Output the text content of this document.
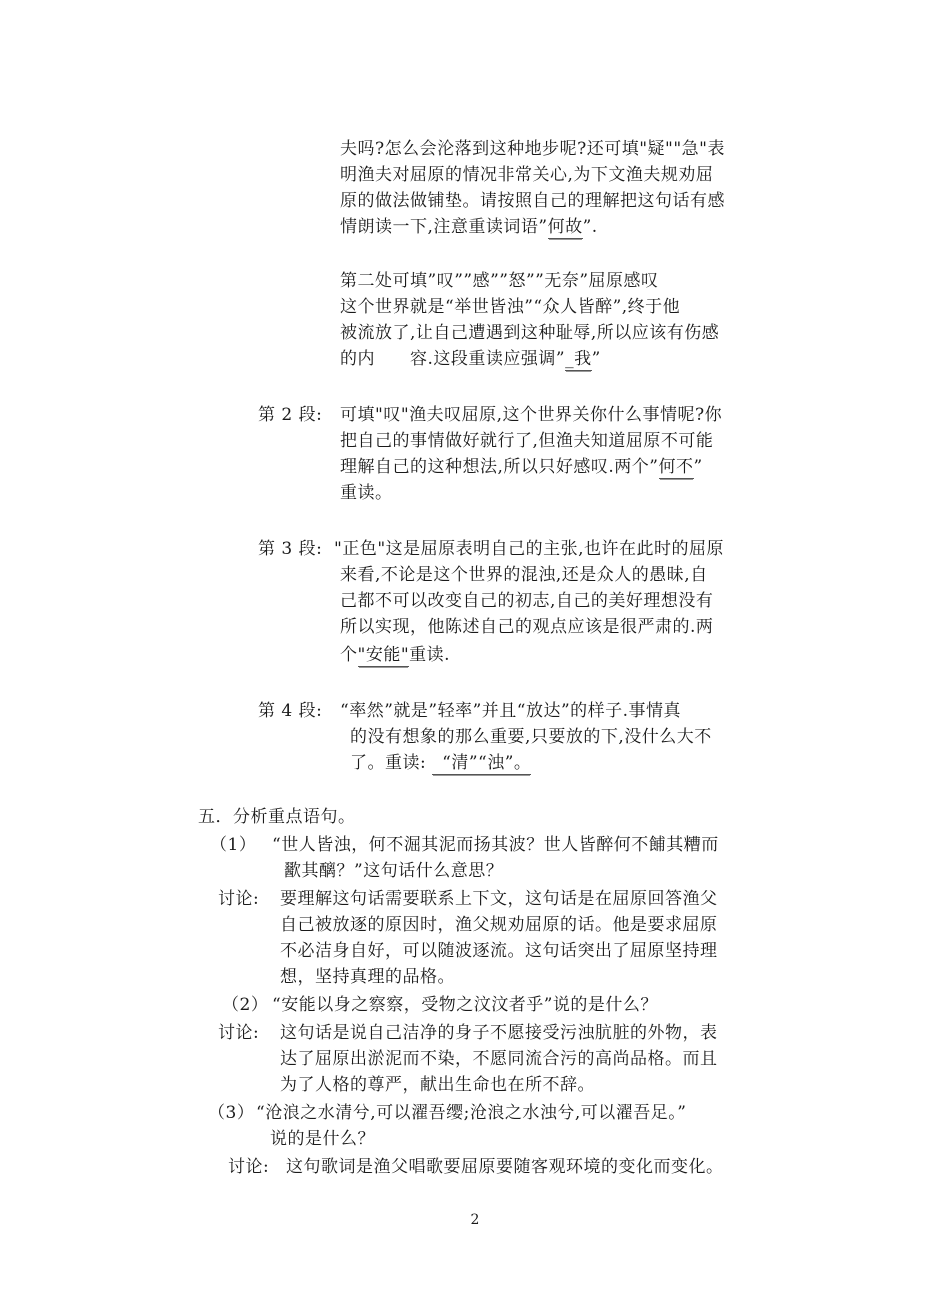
夫吗?怎么会沦落到这种地步呢?还可填"疑""急"表
明渔夫对屈原的情况非常关心,为下文渔夫规劝屈
原的做法做铺垫。请按照自己的理解把这句话有感
情朗读一下,注意重读词语”何故”.
第二处可填”叹””感””怒””无奈”屈原感叹
这个世界就是“举世皆浊”“众人皆醉”,终于他
被流放了,让自己遭遇到这种耻辱,所以应该有伤感
的内　　容.这段重读应强调”_我”
第 2 段: 可填"叹"渔夫叹屈原,这个世界关你什么事情呢?你
把自己的事情做好就行了,但渔夫知道屈原不可能
理解自己的这种想法,所以只好感叹.两个”何不”
重读。
第 3 段: "正色"这是屈原表明自己的主张,也许在此时的屈原
来看,不论是这个世界的混浊,还是众人的愚昧,自
己都不可以改变自己的初志,自己的美好理想没有
所以实现，他陈述自己的观点应该是很严肃的.两
个"安能"重读.
第 4 段: “率然”就是”轻率”并且“放达”的样子.事情真
的没有想象的那么重要,只要放的下,没什么大不
了。重读: “清”“浊”。
五．分析重点语句。
（1） “世人皆浊，何不淈其泥而扬其波？世人皆醉何不餔其糟而
歠其醨？”这句话什么意思？
讨论: 要理解这句话需要联系上下文，这句话是在屈原回答渔父
自己被放逐的原因时，渔父规劝屈原的话。他是要求屈原
不必洁身自好，可以随波逐流。这句话突出了屈原坚持理
想，坚持真理的品格。
（2） “安能以身之察察，受物之汶汶者乎”说的是什么？
讨论: 这句话是说自己洁净的身子不愿接受污浊肮脏的外物，表
达了屈原出淤泥而不染，不愿同流合污的高尚品格。而且
为了人格的尊严，献出生命也在所不辞。
（3） “沧浪之水清兮,可以濯吾缨;沧浪之水浊兮,可以濯吾足。”
说的是什么？
讨论: 这句歌词是渔父唱歌要屈原要随客观环境的变化而变化。
2
